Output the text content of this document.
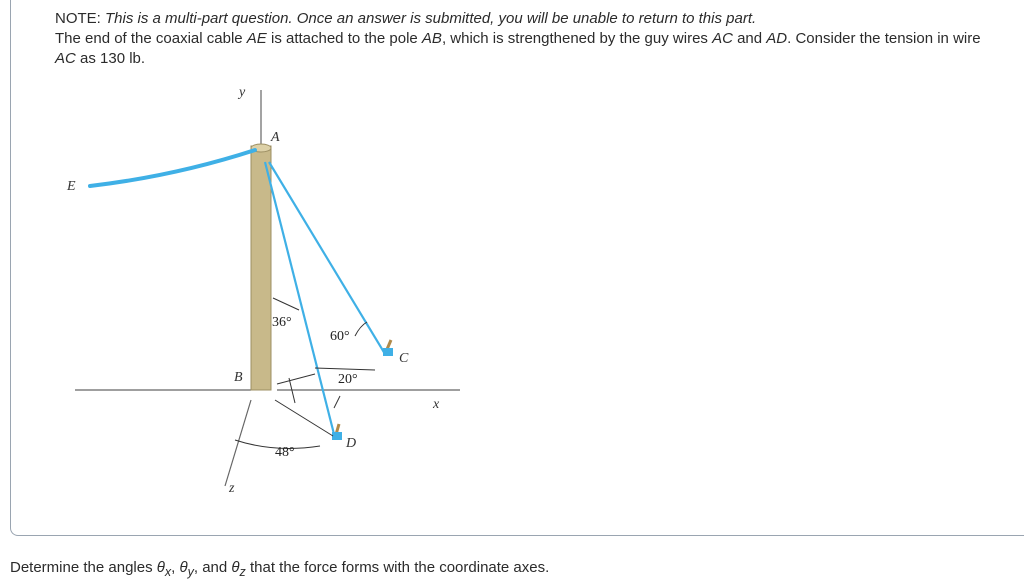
NOTE: This is a multi-part question. Once an answer is submitted, you will be unable to return to this part.
The end of the coaxial cable AE is attached to the pole AB, which is strengthened by the guy wires AC and AD. Consider the tension in wire AC as 130 lb.
y
A
E
B
C
D
x
z
36°
60°
20°
48°
Determine the angles $\theta_x$, $\theta_y$, and $\theta_z$ that the force forms with the coordinate axes.
